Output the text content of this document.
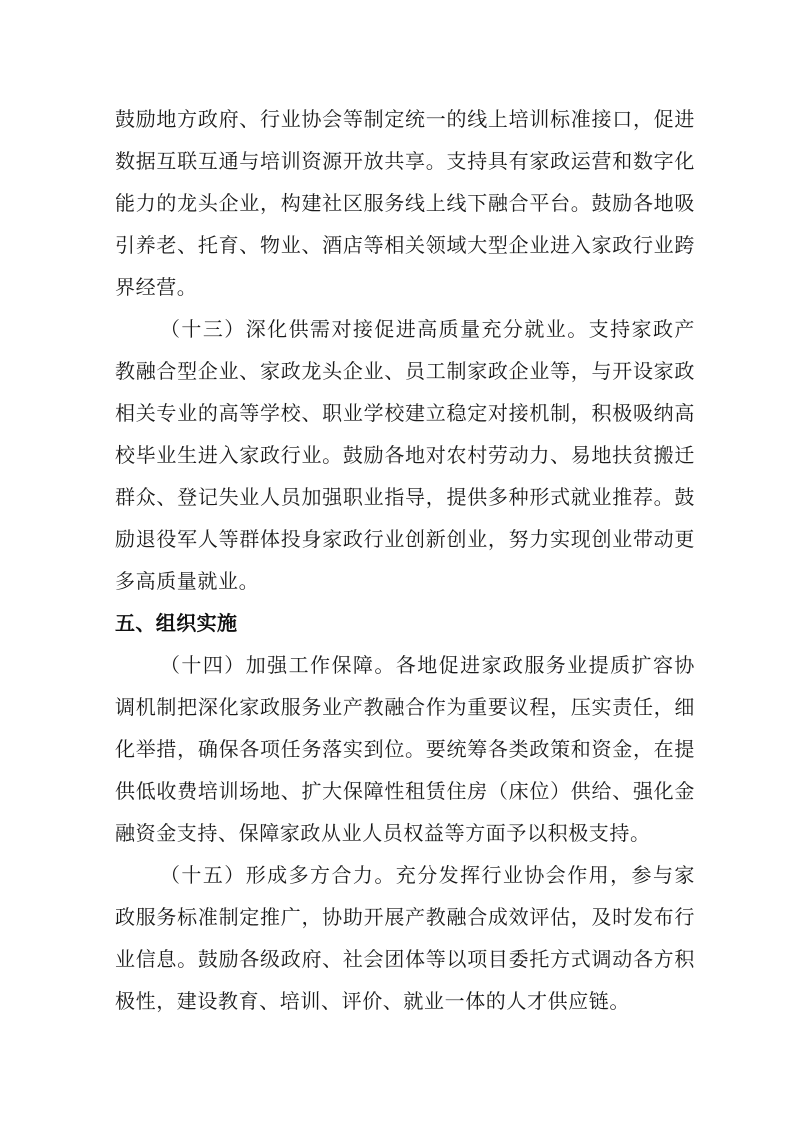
鼓励地方政府、行业协会等制定统一的线上培训标准接口，促进数据互联互通与培训资源开放共享。支持具有家政运营和数字化能力的龙头企业，构建社区服务线上线下融合平台。鼓励各地吸引养老、托育、物业、酒店等相关领域大型企业进入家政行业跨界经营。

（十三）深化供需对接促进高质量充分就业。支持家政产教融合型企业、家政龙头企业、员工制家政企业等，与开设家政相关专业的高等学校、职业学校建立稳定对接机制，积极吸纳高校毕业生进入家政行业。鼓励各地对农村劳动力、易地扶贫搬迁群众、登记失业人员加强职业指导，提供多种形式就业推荐。鼓励退役军人等群体投身家政行业创新创业，努力实现创业带动更多高质量就业。

五、组织实施

（十四）加强工作保障。各地促进家政服务业提质扩容协调机制把深化家政服务业产教融合作为重要议程，压实责任，细化举措，确保各项任务落实到位。要统筹各类政策和资金，在提供低收费培训场地、扩大保障性租赁住房（床位）供给、强化金融资金支持、保障家政从业人员权益等方面予以积极支持。

（十五）形成多方合力。充分发挥行业协会作用，参与家政服务标准制定推广，协助开展产教融合成效评估，及时发布行业信息。鼓励各级政府、社会团体等以项目委托方式调动各方积极性，建设教育、培训、评价、就业一体的人才供应链。
